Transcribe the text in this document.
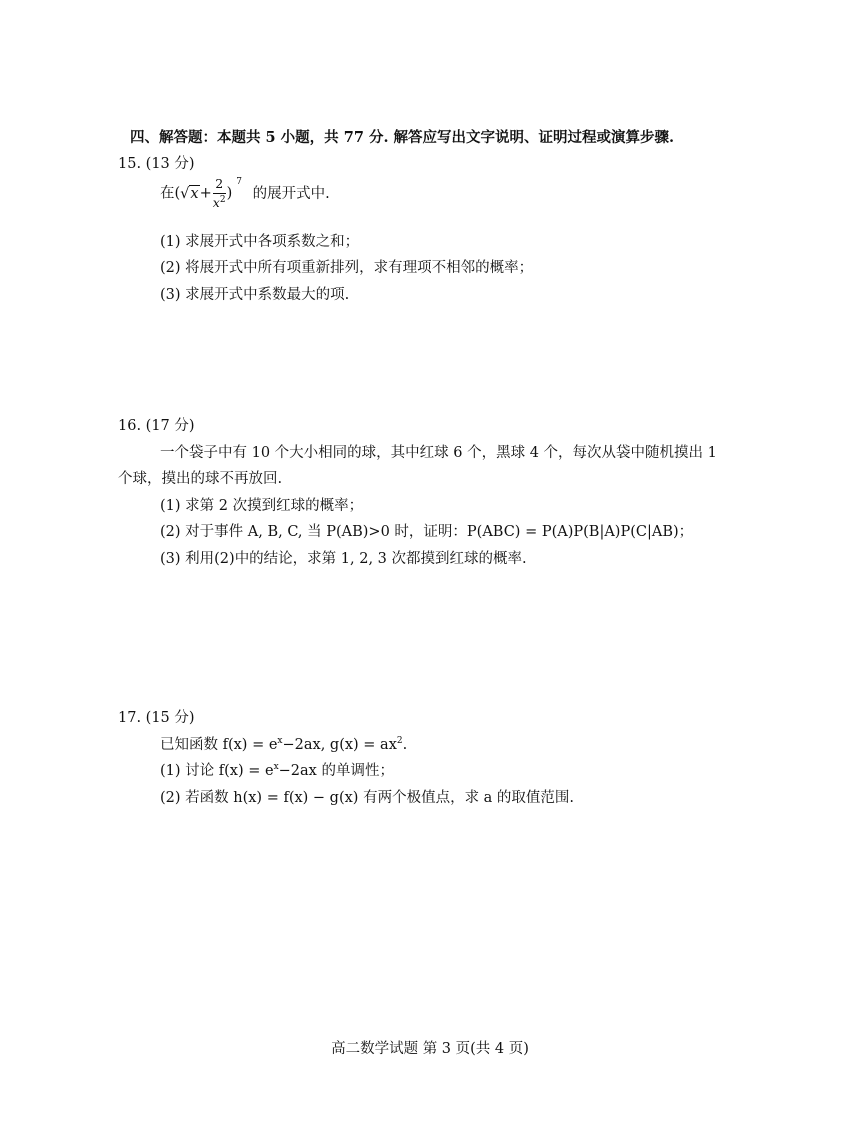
四、解答题：本题共 5 小题，共 77 分. 解答应写出文字说明、证明过程或演算步骤.
15. (13 分)
在$(√x+ \frac{2}{x^2} )^7$ 的展开式中.
(1) 求展开式中各项系数之和；
(2) 将展开式中所有项重新排列，求有理项不相邻的概率；
(3) 求展开式中系数最大的项.
16. (17 分)
一个袋子中有 10 个大小相同的球，其中红球 6 个，黑球 4 个，每次从袋中随机摸出 1
个球，摸出的球不再放回.
(1) 求第 2 次摸到红球的概率；
(2) 对于事件 A, B, C, 当 P(AB)>0 时，证明：P(ABC) = P(A)P(B|A)P(C|AB)；
(3) 利用(2)中的结论，求第 1, 2, 3 次都摸到红球的概率.
17. (15 分)
已知函数 $f(x) = e^x-2ax$, $g(x) = ax^2$.
(1) 讨论 $f(x) = e^x-2ax$ 的单调性；
(2) 若函数 h(x) = f(x) − g(x) 有两个极值点，求 a 的取值范围.
高二数学试题 第 3 页(共 4 页)
